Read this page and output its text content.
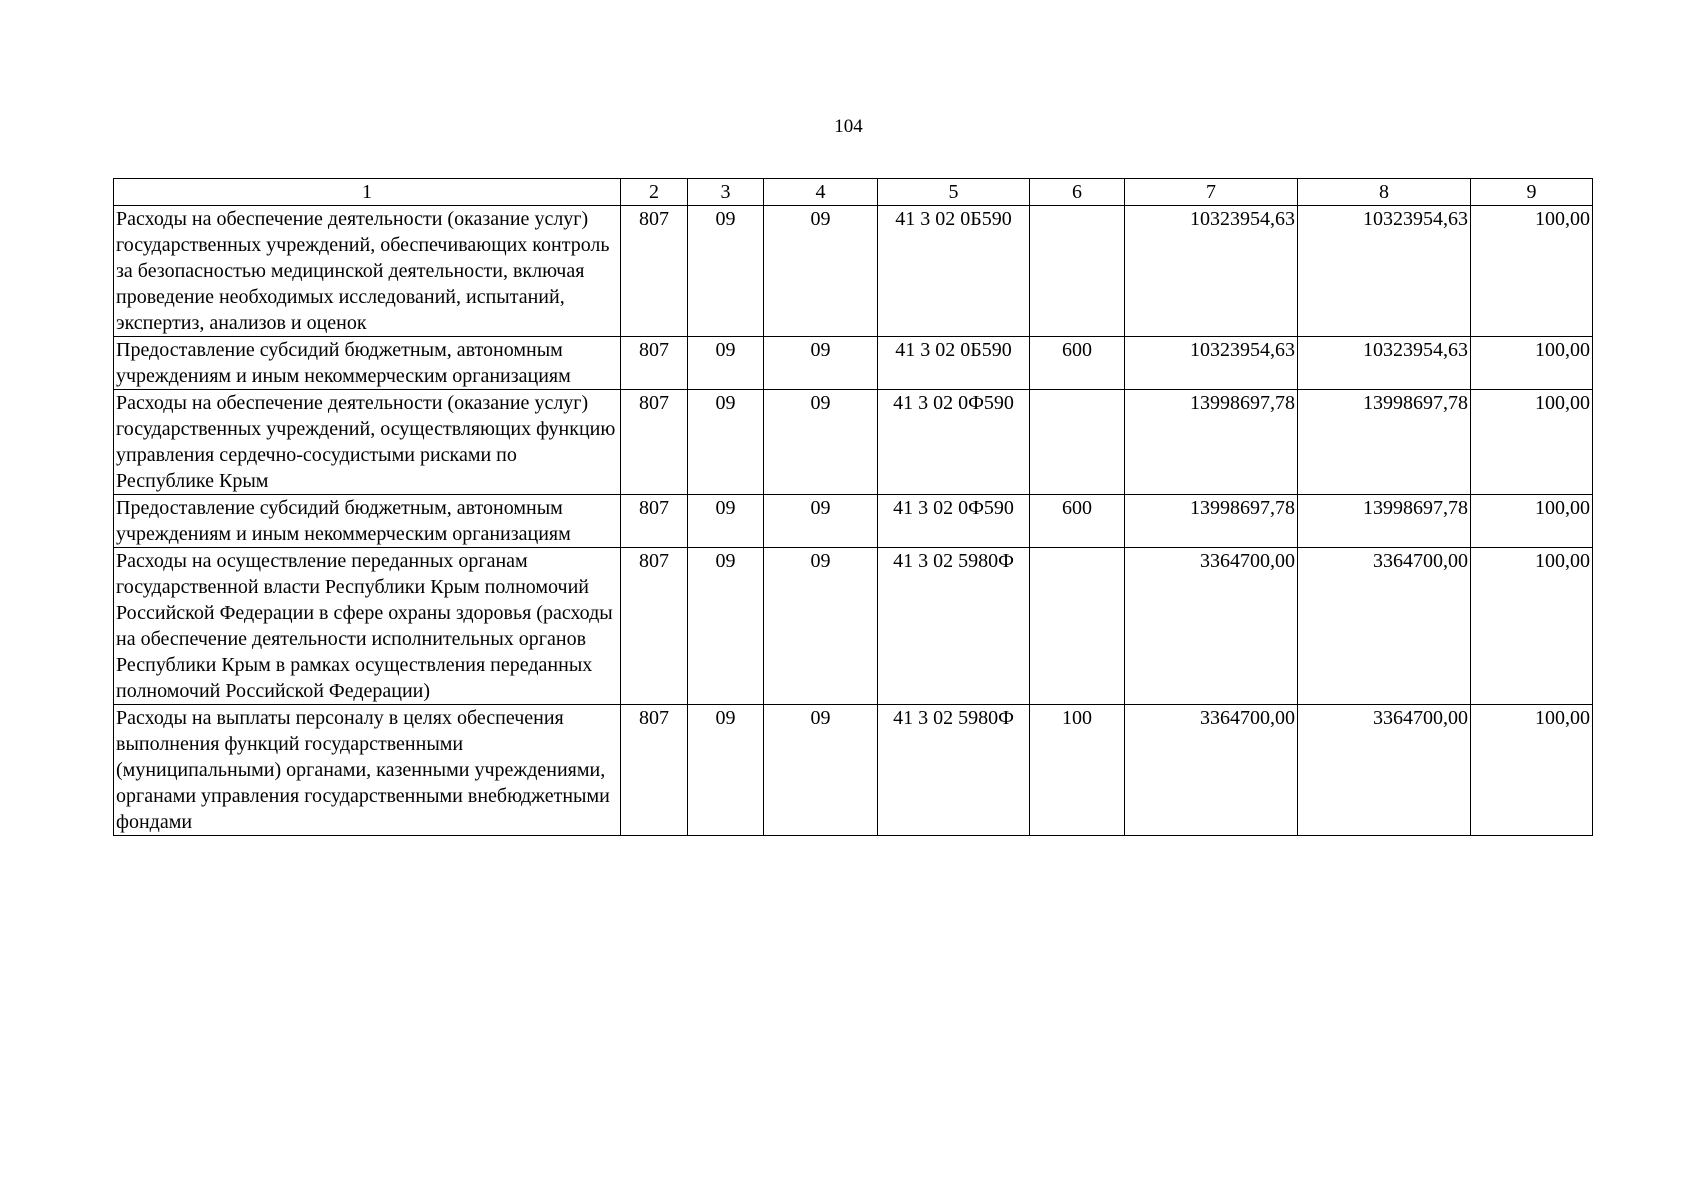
104
1	2	3	4	5	6	7	8	9
Расходы на обеспечение деятельности (оказание услуг) государственных учреждений, обеспечивающих контроль за безопасностью медицинской деятельности, включая проведение необходимых исследований, испытаний, экспертиз, анализов и оценок	807	09	09	41 3 02 0Б590		10323954,63	10323954,63	100,00
Предоставление субсидий бюджетным, автономным учреждениям и иным некоммерческим организациям	807	09	09	41 3 02 0Б590	600	10323954,63	10323954,63	100,00
Расходы на обеспечение деятельности (оказание услуг) государственных учреждений, осуществляющих функцию управления сердечно-сосудистыми рисками по Республике Крым	807	09	09	41 3 02 0Ф590		13998697,78	13998697,78	100,00
Предоставление субсидий бюджетным, автономным учреждениям и иным некоммерческим организациям	807	09	09	41 3 02 0Ф590	600	13998697,78	13998697,78	100,00
Расходы на осуществление переданных органам государственной власти Республики Крым полномочий Российской Федерации в сфере охраны здоровья (расходы на обеспечение деятельности исполнительных органов Республики Крым в рамках осуществления переданных полномочий Российской Федерации)	807	09	09	41 3 02 5980Ф		3364700,00	3364700,00	100,00
Расходы на выплаты персоналу в целях обеспечения выполнения функций государственными (муниципальными) органами, казенными учреждениями, органами управления государственными внебюджетными фондами	807	09	09	41 3 02 5980Ф	100	3364700,00	3364700,00	100,00
